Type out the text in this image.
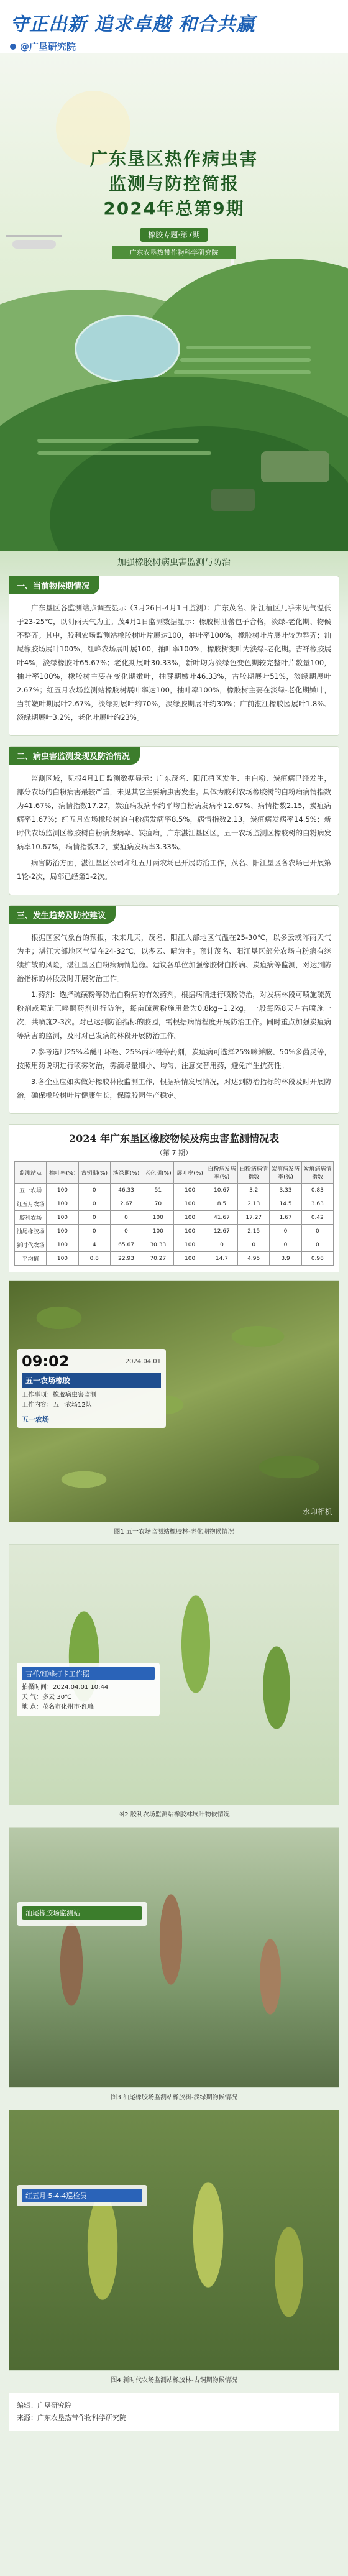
守正出新 追求卓越 和合共赢
@广垦研究院
广东垦区热作病虫害
监测与防控简报
2024年总第9期
橡胶专题·第7期
广东农垦热带作物科学研究院
加强橡胶树病虫害监测与防治
一、当前物候期情况

广东垦区各监测站点调查显示（3月26日-4月1日监测）：广东茂名、阳江植区几乎未见气温低于23-25℃，以阴雨天气为主。茂4月1日监测数据显示：橡胶树抽蕾包子合格，淡绿-老化期、物候不整齐。其中，胶利农场监测站橡胶树叶片展达100，抽叶率100%，橡胶树叶片展叶较为整齐；汕尾橡胶场展叶100%，红峰农场展叶展100，抽叶率100%，橡胶树变叶为淡绿-老化期。吉祥橡胶展叶4%，淡绿橡胶叶65.67%；老化期展叶30.33%，新叶均为淡绿色变色期较完整叶片数量100，抽叶率100%，橡胶树主要在变化期嫩叶，抽芽期嫩叶46.33%，古胶期展叶51%，淡绿期展叶2.67%；红五月农场监测站橡胶树展叶率达100，抽叶率100%，橡胶树主要在淡绿-老化期嫩叶，当前嫩叶期展叶2.67%，淡绿期展叶约70%，淡绿胶期展叶约30%；广前湛江橡胶园展叶1.8%、淡绿期展叶3.2%，老化叶展叶约23%。

二、病虫害监测发现及防治情况

监测区域，见报4月1日监测数据显示：广东茂名、阳江植区发生、由白粉、炭疽病已经发生，部分农场的白粉病害最较严重，未见其它主要病虫害发生。具体为胶利农场橡胶树的白粉病病情指数为41.67%，病情指数17.27，炭疽病发病率约平均白粉病发病率12.67%、病情指数2.15，炭疽病病率1.67%；红五月农场橡胶树的白粉病发病率8.5%，病情指数2.13，炭疽病发病率14.5%；新时代农场监测区橡胶树白粉病发病率、炭疽病，广东湛江垦区区，五一农场监测区橡胶树的白粉病发病率10.67%，病情指数3.2，炭疽病发病率3.33%。

病害防治方面，湛江垦区公司和红五月两农场已开展防治工作，茂名、阳江垦区各农场已开展第1轮-2次，局部已经第1-2次。

三、发生趋势及防控建议

根据国家气象台的预报，未来几天，茂名、阳江大部地区气温在25-30℃，以多云或阵雨天气为主；湛江大部地区气温在24-32℃，以多云、晴为主。预计茂名、阳江垦区部分农场白粉病有继续扩散的风险，湛江垦区白粉病病情趋稳。建议各单位加强橡胶树白粉病、炭疽病等监测，对达到防治指标的林段及时开展防治工作。

1.药剂：选择硫磺粉等防治白粉病的有效药剂，根据病情进行喷粉防治，对发病林段可喷施硫黄粉剂或喷施三唑酮药剂进行防治，每亩硫黄粉施用量为0.8kg~1.2kg，一般每隔8天左右喷施一次，共喷施2-3次。对已达到防治指标的胶园，需根据病情程度开展防治工作。同时重点加强炭疽病等病害的监测，及时对已发病的林段开展防治工作。

2.参考选用25%苯醚甲环唑、25%丙环唑等药剂，炭疽病可选择25%咪鲜胺、50%多菌灵等，按照用药说明进行喷雾防治，雾滴尽量细小、均匀，注意交替用药，避免产生抗药性。

3.各企业应如实做好橡胶林段监测工作，根据病情发展情况，对达到防治指标的林段及时开展防治，确保橡胶树叶片健康生长，保障胶园生产稳定。

2024 年广东垦区橡胶物候及病虫害监测情况表
（第 7 期）
监测站点	抽叶率(%)	古铜期(%)	淡绿期(%)	老化期(%)	展叶率(%)	白粉病发病率(%)	白粉病病情指数	炭疽病发病率(%)	炭疽病病情指数
五一农场	100	0	46.33	51	100	10.67	3.2	3.33	0.83
红五月农场	100	0	2.67	70	100	8.5	2.13	14.5	3.63
胶利农场	100	0	0	100	100	41.67	17.27	1.67	0.42
汕尾橡胶场	100	0	0	100	100	12.67	2.15	0	0
新时代农场	100	4	65.67	30.33	100	0	0	0	0
平均值	100	0.8	22.93	70.27	100	14.7	4.95	3.9	0.98
09:02	2024.04.01
五一农场橡胶
工作事项：橡胶病虫害监测
工作内容：五一农场12队
五一农场
水印相机
图1 五一农场监测站橡胶林-老化期物候情况
吉祥/红峰打卡工作照
拍摄时间：2024.04.01 10:44
天 气：多云 30℃
地 点：茂名市化州市·红峰
图2 胶利农场监测站橡胶林展叶物候情况
汕尾橡胶场监测站
图3 汕尾橡胶场监测站橡胶树-淡绿期物候情况
红五月·5-4-4巡检员
图4 新时代农场监测站橡胶林-古铜期物候情况
编辑：广垦研究院
来源：广东农垦热带作物科学研究院
